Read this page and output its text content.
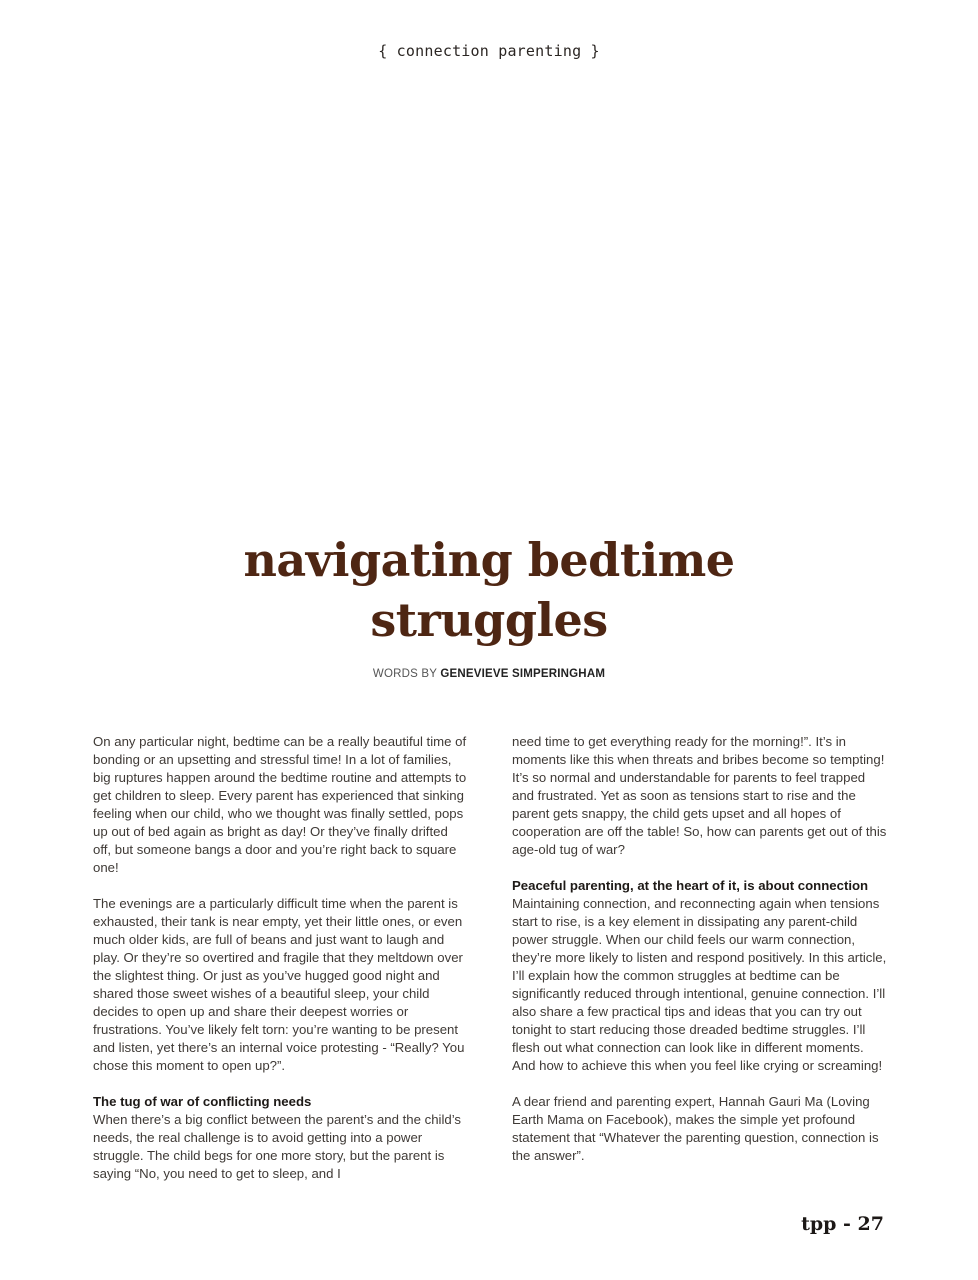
{ connection parenting }
navigating bedtime
struggles
WORDS BY GENEVIEVE SIMPERINGHAM

On any particular night, bedtime can be a really beautiful time of bonding or an upsetting and stressful time! In a lot of families, big ruptures happen around the bedtime routine and attempts to get children to sleep. Every parent has experienced that sinking feeling when our child, who we thought was finally settled, pops up out of bed again as bright as day! Or they’ve finally drifted off, but someone bangs a door and you’re right back to square one!

The evenings are a particularly difficult time when the parent is exhausted, their tank is near empty, yet their little ones, or even much older kids, are full of beans and just want to laugh and play. Or they’re so overtired and fragile that they meltdown over the slightest thing. Or just as you’ve hugged good night and shared those sweet wishes of a beautiful sleep, your child decides to open up and share their deepest worries or frustrations. You’ve likely felt torn: you’re wanting to be present and listen, yet there’s an internal voice protesting - “Really? You chose this moment to open up?”.

The tug of war of conflicting needs
When there’s a big conflict between the parent’s and the child’s needs, the real challenge is to avoid getting into a power struggle. The child begs for one more story, but the parent is saying “No, you need to get to sleep, and I

need time to get everything ready for the morning!”. It’s in moments like this when threats and bribes become so tempting! It’s so normal and understandable for parents to feel trapped and frustrated. Yet as soon as tensions start to rise and the parent gets snappy, the child gets upset and all hopes of cooperation are off the table! So, how can parents get out of this age-old tug of war?

Peaceful parenting, at the heart of it, is about connection
Maintaining connection, and reconnecting again when tensions start to rise, is a key element in dissipating any parent-child power struggle. When our child feels our warm connection, they’re more likely to listen and respond positively. In this article, I’ll explain how the common struggles at bedtime can be significantly reduced through intentional, genuine connection. I’ll also share a few practical tips and ideas that you can try out tonight to start reducing those dreaded bedtime struggles. I’ll flesh out what connection can look like in different moments. And how to achieve this when you feel like crying or screaming!

A dear friend and parenting expert, Hannah Gauri Ma (Loving Earth Mama on Facebook), makes the simple yet profound statement that “Whatever the parenting question, connection is the answer”.

tpp - 27
